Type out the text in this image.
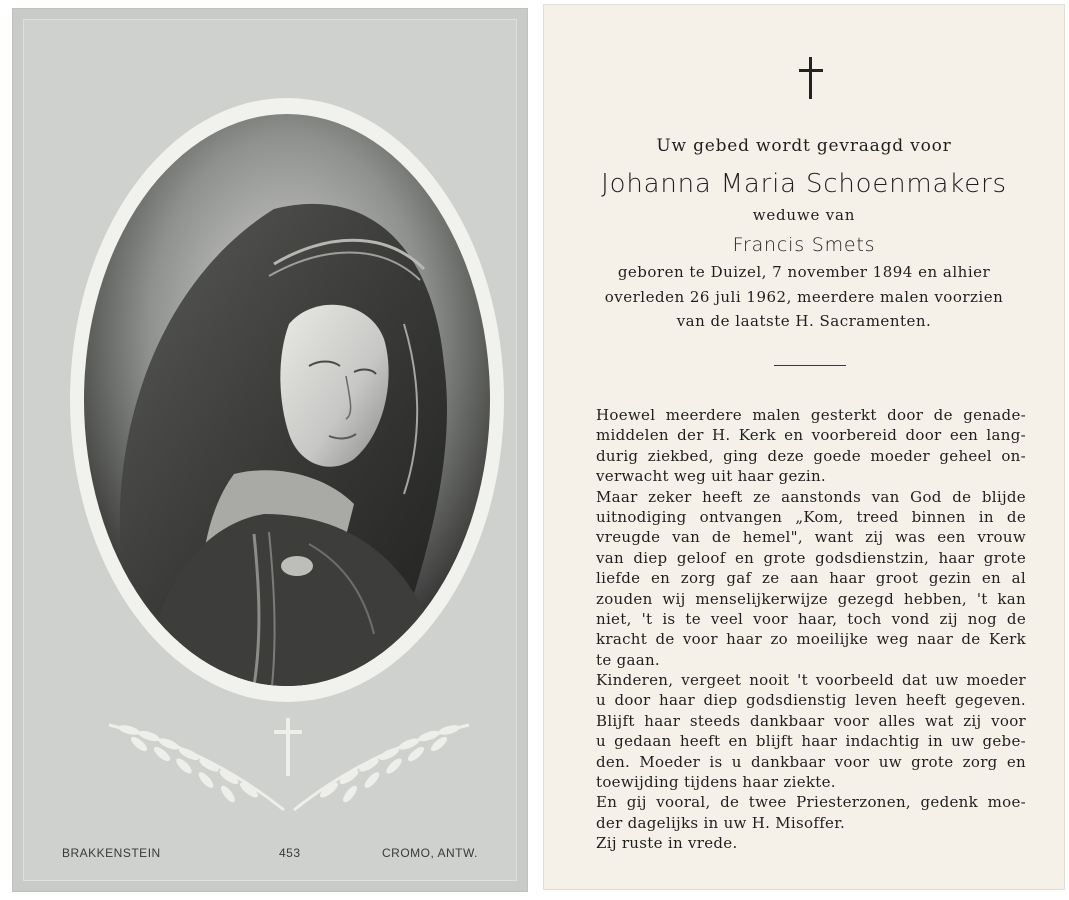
BRAKKENSTEIN	453	CROMO, ANTW.
Uw gebed wordt gevraagd voor
Johanna Maria Schoenmakers
weduwe van
Francis Smets
geboren te Duizel, 7 november 1894 en alhier
overleden 26 juli 1962, meerdere malen voorzien
van de laatste H. Sacramenten.
Hoewel meerdere malen gesterkt door de genade-
middelen der H. Kerk en voorbereid door een lang-
durig ziekbed, ging deze goede moeder geheel on-
verwacht weg uit haar gezin.
Maar zeker heeft ze aanstonds van God de blijde
uitnodiging ontvangen „Kom, treed binnen in de
vreugde van de hemel", want zij was een vrouw
van diep geloof en grote godsdienstzin, haar grote
liefde en zorg gaf ze aan haar groot gezin en al
zouden wij menselijkerwijze gezegd hebben, 't kan
niet, 't is te veel voor haar, toch vond zij nog de
kracht de voor haar zo moeilijke weg naar de Kerk
te gaan.
Kinderen, vergeet nooit 't voorbeeld dat uw moeder
u door haar diep godsdienstig leven heeft gegeven.
Blijft haar steeds dankbaar voor alles wat zij voor
u gedaan heeft en blijft haar indachtig in uw gebe-
den. Moeder is u dankbaar voor uw grote zorg en
toewijding tijdens haar ziekte.
En gij vooral, de twee Priesterzonen, gedenk moe-
der dagelijks in uw H. Misoffer.
Zij ruste in vrede.
